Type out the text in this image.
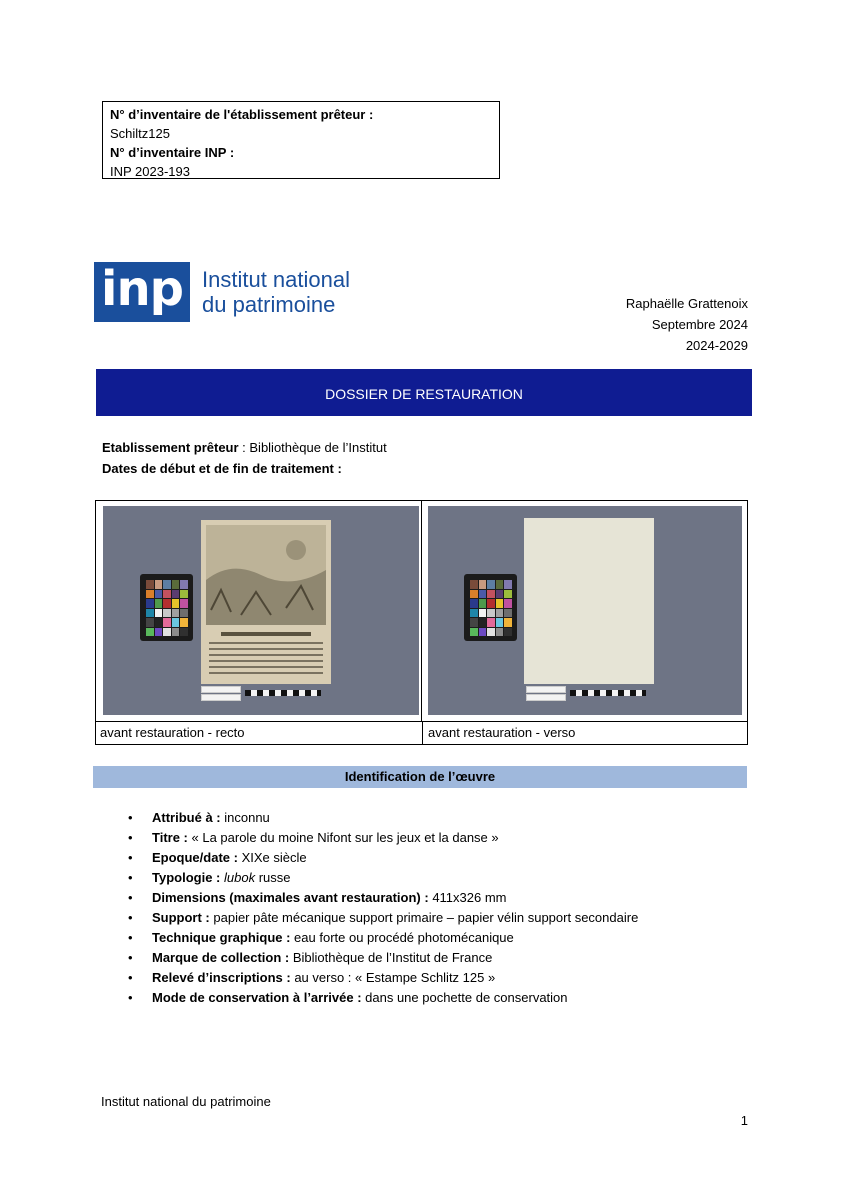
N° d’inventaire de l'établissement prêteur :
Schiltz125
N° d’inventaire INP :
INP 2023-193
inp Institut national
du patrimoine	Raphaëlle Grattenoix
Septembre 2024
2024-2029
DOSSIER DE RESTAURATION
Etablissement prêteur : Bibliothèque de l’Institut
Dates de début et de fin de traitement :
avant restauration - recto	avant restauration - verso
Identification de l’œuvre
• Attribué à : inconnu
• Titre : « La parole du moine Nifont sur les jeux et la danse »
• Epoque/date : XIXe siècle
• Typologie : lubok russe
• Dimensions (maximales avant restauration) : 411x326 mm
• Support : papier pâte mécanique support primaire – papier vélin support secondaire
• Technique graphique : eau forte ou procédé photomécanique
• Marque de collection : Bibliothèque de l’Institut de France
• Relevé d’inscriptions : au verso : « Estampe Schlitz 125 »
• Mode de conservation à l’arrivée : dans une pochette de conservation
Institut national du patrimoine
1
